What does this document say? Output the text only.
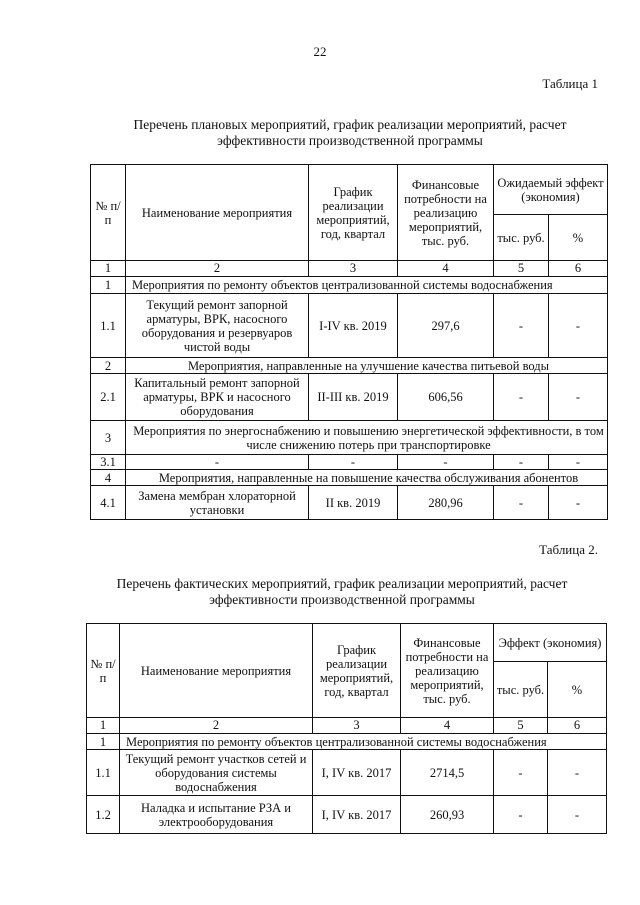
22
Таблица 1
Перечень плановых мероприятий, график реализации мероприятий, расчет
эффективности производственной программы
№ п/ п	Наименование мероприятия	График реализации мероприятий, год, квартал	Финансовые потребности на реализацию мероприятий, тыс. руб.	Ожидаемый эффект (экономия)	
				тыс. руб.	%
1	2	3	4	5	6
1	Мероприятия по ремонту объектов централизованной системы водоснабжения				
1.1	Текущий ремонт запорной арматуры, ВРК, насосного оборудования и резервуаров чистой воды	I-IV кв. 2019	297,6	-	-
2	Мероприятия, направленные на улучшение качества питьевой воды				
2.1	Капитальный ремонт запорной арматуры, ВРК и насосного оборудования	II-III кв. 2019	606,56	-	-
3	Мероприятия по энергоснабжению и повышению энергетической эффективности, в том числе снижению потерь при транспортировке				
3.1	-	-	-	-	-
4	Мероприятия, направленные на повышение качества обслуживания абонентов				
4.1	Замена мембран хлораторной установки	II кв. 2019	280,96	-	-
Таблица 2.
Перечень фактических мероприятий, график реализации мероприятий, расчет
эффективности производственной программы
№ п/ п	Наименование мероприятия	График реализации мероприятий, год, квартал	Финансовые потребности на реализацию мероприятий, тыс. руб.	Эффект (экономия)	
				тыс. руб.	%
1	2	3	4	5	6
1	Мероприятия по ремонту объектов централизованной системы водоснабжения				
1.1	Текущий ремонт участков сетей и оборудования системы водоснабжения	I, IV кв. 2017	2714,5	-	-
1.2	Наладка и испытание РЗА и электрооборудования	I, IV кв. 2017	260,93	-	-
